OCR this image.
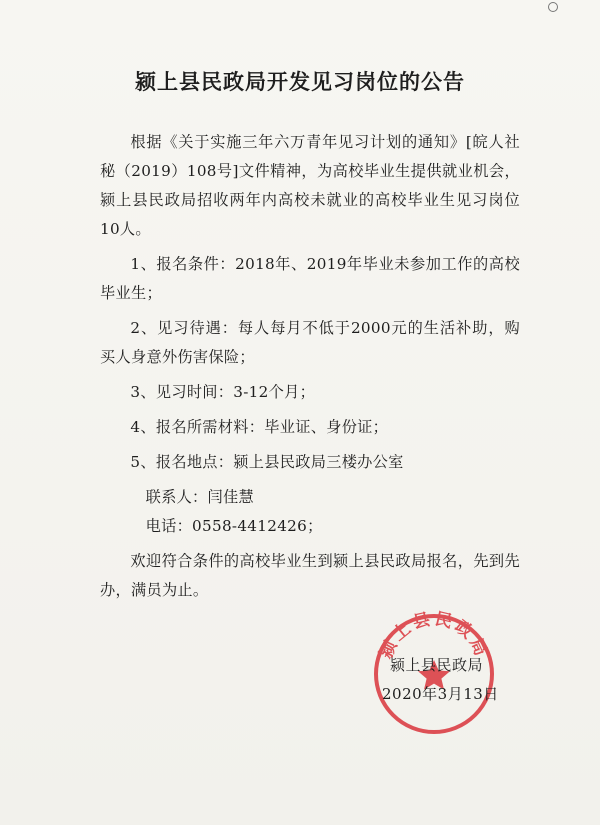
颍上县民政局开发见习岗位的公告

根据《关于实施三年六万青年见习计划的通知》[皖人社秘（2019）108号]文件精神，为高校毕业生提供就业机会，颍上县民政局招收两年内高校未就业的高校毕业生见习岗位10人。

1、报名条件：2018年、2019年毕业未参加工作的高校毕业生；

2、见习待遇：每人每月不低于2000元的生活补助，购买人身意外伤害保险；

3、见习时间：3-12个月；

4、报名所需材料：毕业证、身份证；

5、报名地点：颍上县民政局三楼办公室

联系人：闫佳慧

电话：0558-4412426；

欢迎符合条件的高校毕业生到颍上县民政局报名，先到先办，满员为止。

颍上县民政局
颍上县民政局
2020年3月13日
